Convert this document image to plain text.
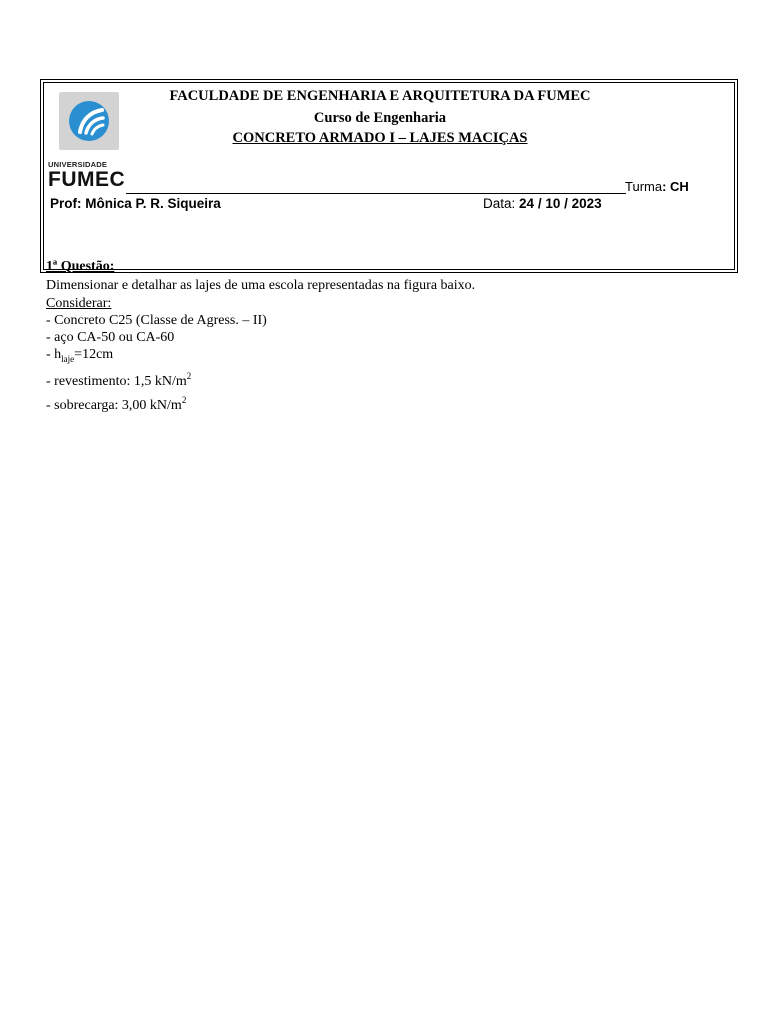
UNIVERSIDADE
FUMEC
FACULDADE DE ENGENHARIA E ARQUITETURA DA FUMEC
Curso de Engenharia
CONCRETO ARMADO I – LAJES MACIÇAS
Turma: CH
Prof: Mônica P. R. Siqueira	Data: 24 / 10 / 2023
1ª Questão:
Dimensionar e detalhar as lajes de uma escola representadas na figura baixo.
Considerar:
- Concreto C25 (Classe de Agress. – II)
- aço CA-50 ou CA-60
- $h_{laje}=12cm$
- revestimento: 1,5 $kN/m^2$
- sobrecarga: 3,00 $kN/m^2$
